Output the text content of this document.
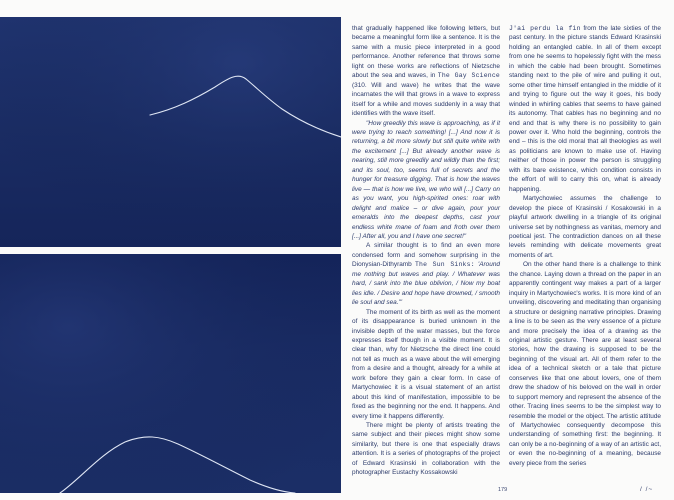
that gradually happened like following letters, but became a meaningful form like a sentence. It is the same with a music piece interpreted in a good performance. Another reference that throws some light on these works are reflections of Nietzsche about the sea and waves, in The Gay Science (310. Will and wave) he writes that the wave incarnates the will that grows in a wave to express itself for a while and moves suddenly in a way that identifies with the wave itself.

"How greedily this wave is approaching, as if it were trying to reach something! [...] And now it is returning, a bit more slowly but still quite white with the excitement [...] But already another wave is nearing, still more greedily and wildly than the first; and its soul, too, seems full of secrets and the hunger for treasure digging. That is how the waves live — that is how we live, we who will [...] Carry on as you want, you high-spirited ones: roar with delight and malice – or dive again, pour your emeralds into the deepest depths, cast your endless white mane of foam and froth over them [...] After all, you and I have one secret!"

A similar thought is to find an even more condensed form and somehow surprising in the Dionysian-Dithyramb The Sun Sinks: 'Around me nothing but waves and play. / Whatever was hard, / sank into the blue oblivion, / Now my boat lies idle. / Desire and hope have drowned, / smooth lie soul and sea.'"

The moment of its birth as well as the moment of its disappearance is buried unknown in the invisible depth of the water masses, but the force expresses itself though in a visible moment. It is clear than, why for Nietzsche the direct line could not tell as much as a wave about the will emerging from a desire and a thought, already for a while at work before they gain a clear form. In case of Martychowiec it is a visual statement of an artist about this kind of manifestation, impossible to be fixed as the beginning nor the end. It happens. And every time it happens differently.

There might be plenty of artists treating the same subject and their pieces might show some similarity, but there is one that especially draws attention. It is a series of photographs of the project of Edward Krasinski in collaboration with the photographer Eustachy Kossakowski

J'ai perdu la fin from the late sixties of the past century. In the picture stands Edward Krasinski holding an entangled cable. In all of them except from one he seems to hopelessly fight with the mess in which the cable had been brought. Sometimes standing next to the pile of wire and pulling it out, some other time himself entangled in the middle of it and trying to figure out the way it goes, his body winded in whirling cables that seems to have gained its autonomy. That cables has no beginning and no end and that is why there is no possibility to gain power over it. Who hold the beginning, controls the end – this is the old moral that all theologies as well as politicians are known to make use of. Having neither of those in power the person is struggling with its bare existence, which condition consists in the effort of will to carry this on, what is already happening.

Martychowiec assumes the challenge to develop the piece of Krasinski / Kosakowski in a playful artwork dwelling in a triangle of its original universe set by nothingness as vanitas, memory and poetical jest. The contradiction dances on all these levels reminding with delicate movements great moments of art.

On the other hand there is a challenge to think the chance. Laying down a thread on the paper in an apparently contingent way makes a part of a larger inquiry in Martychowiec's works. It is more kind of an unveiling, discovering and meditating than organising a structure or designing narrative principles. Drawing a line is to be seen as the very essence of a picture and more precisely the idea of a drawing as the original artistic gesture. There are at least several stories, how the drawing is supposed to be the beginning of the visual art. All of them refer to the idea of a technical sketch or a tale that picture conserves like that one about lovers, one of them drew the shadow of his beloved on the wall in order to support memory and represent the absence of the other. Tracing lines seems to be the simplest way to resemble the model or the object. The artistic attitude of Martychowiec consequently decompose this understanding of something first: the beginning. It can only be a no-beginning of a way of an artistic act, or even the no-beginning of a meaning, because every piece from the series

179	/ /~
